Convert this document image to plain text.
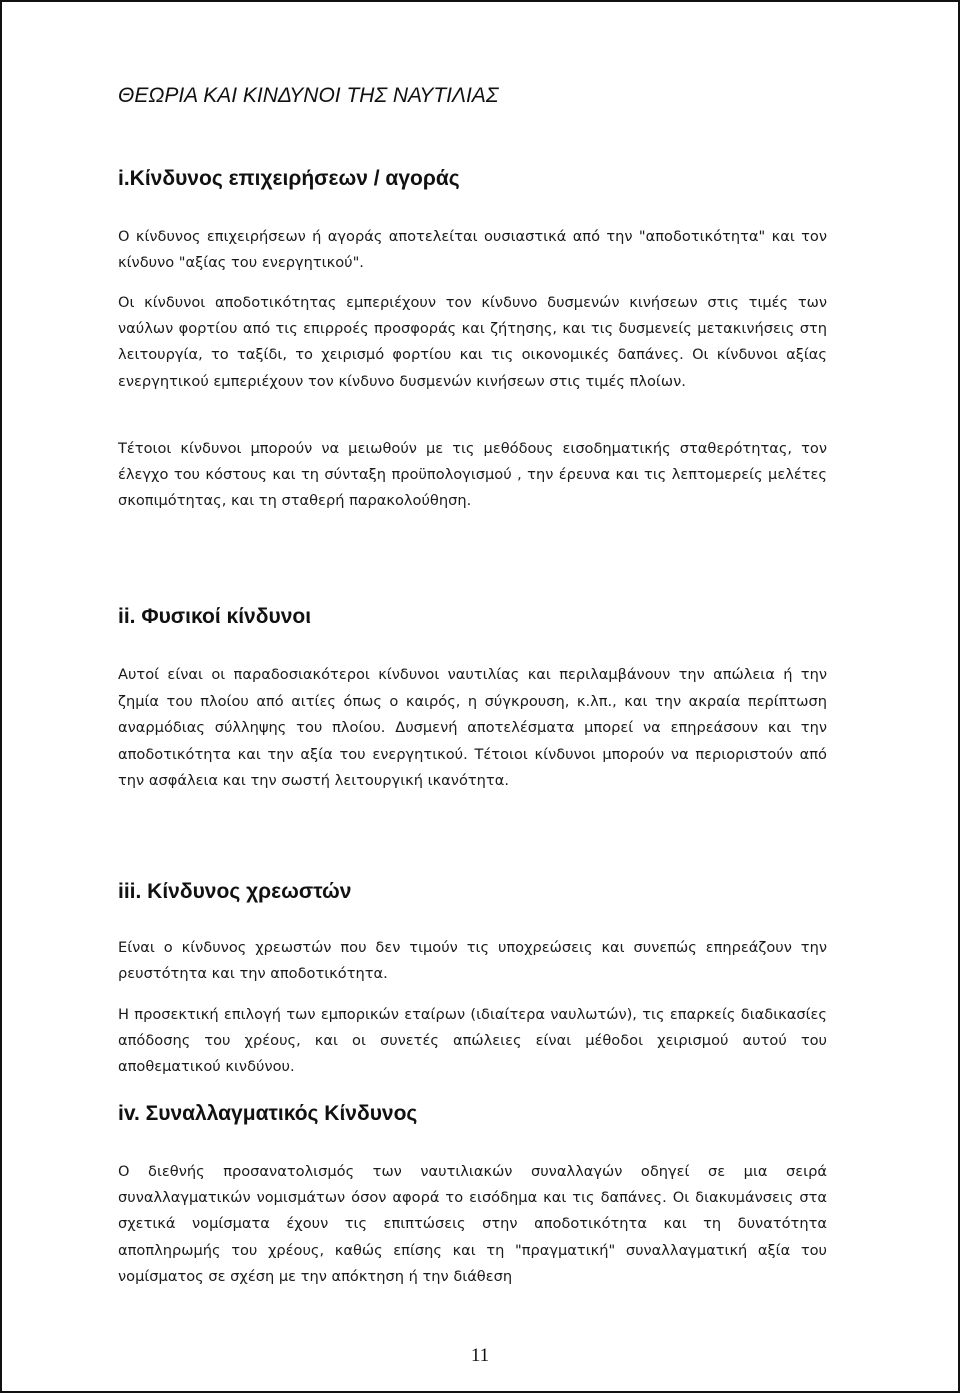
ΘΕΩΡΙΑ ΚΑΙ ΚΙΝΔΥΝΟΙ ΤΗΣ ΝΑΥΤΙΛΙΑΣ
i.Κίνδυνος επιχειρήσεων / αγοράς

Ο κίνδυνος επιχειρήσεων ή αγοράς αποτελείται ουσιαστικά από την "αποδοτικότητα" και τον κίνδυνο "αξίας του ενεργητικού".

Οι κίνδυνοι αποδοτικότητας εμπεριέχουν τον κίνδυνο δυσμενών κινήσεων στις τιμές των ναύλων φορτίου από τις επιρροές προσφοράς και ζήτησης, και τις δυσμενείς μετακινήσεις στη λειτουργία, το ταξίδι, το χειρισμό φορτίου και τις οικονομικές δαπάνες. Οι κίνδυνοι αξίας ενεργητικού εμπεριέχουν τον κίνδυνο δυσμενών κινήσεων στις τιμές πλοίων.

Τέτοιοι κίνδυνοι μπορούν να μειωθούν με τις μεθόδους εισοδηματικής σταθερότητας, τον έλεγχο του κόστους και τη σύνταξη προϋπολογισμού , την έρευνα και τις λεπτομερείς μελέτες σκοπιμότητας, και τη σταθερή παρακολούθηση.

ii. Φυσικοί κίνδυνοι

Αυτοί είναι οι παραδοσιακότεροι κίνδυνοι ναυτιλίας και περιλαμβάνουν την απώλεια ή την ζημία του πλοίου από αιτίες όπως ο καιρός, η σύγκρουση, κ.λπ., και την ακραία περίπτωση αναρμόδιας σύλληψης του πλοίου. Δυσμενή αποτελέσματα μπορεί να επηρεάσουν και την αποδοτικότητα και την αξία του ενεργητικού. Τέτοιοι κίνδυνοι μπορούν να περιοριστούν από την ασφάλεια και την σωστή λειτουργική ικανότητα.

iii. Κίνδυνος χρεωστών

Είναι ο κίνδυνος χρεωστών που δεν τιμούν τις υποχρεώσεις και συνεπώς επηρεάζουν την ρευστότητα και την αποδοτικότητα.

Η προσεκτική επιλογή των εμπορικών εταίρων (ιδιαίτερα ναυλωτών), τις επαρκείς διαδικασίες απόδοσης του χρέους, και οι συνετές απώλειες είναι μέθοδοι χειρισμού αυτού του αποθεματικού κινδύνου.

iv. Συναλλαγματικός Κίνδυνος

Ο διεθνής προσανατολισμός των ναυτιλιακών συναλλαγών οδηγεί σε μια σειρά συναλλαγματικών νομισμάτων όσον αφορά το εισόδημα και τις δαπάνες. Οι διακυμάνσεις στα σχετικά νομίσματα έχουν τις επιπτώσεις στην αποδοτικότητα και τη δυνατότητα αποπληρωμής του χρέους, καθώς επίσης και τη "πραγματική" συναλλαγματική αξία του νομίσματος σε σχέση με την απόκτηση ή την διάθεση

11
